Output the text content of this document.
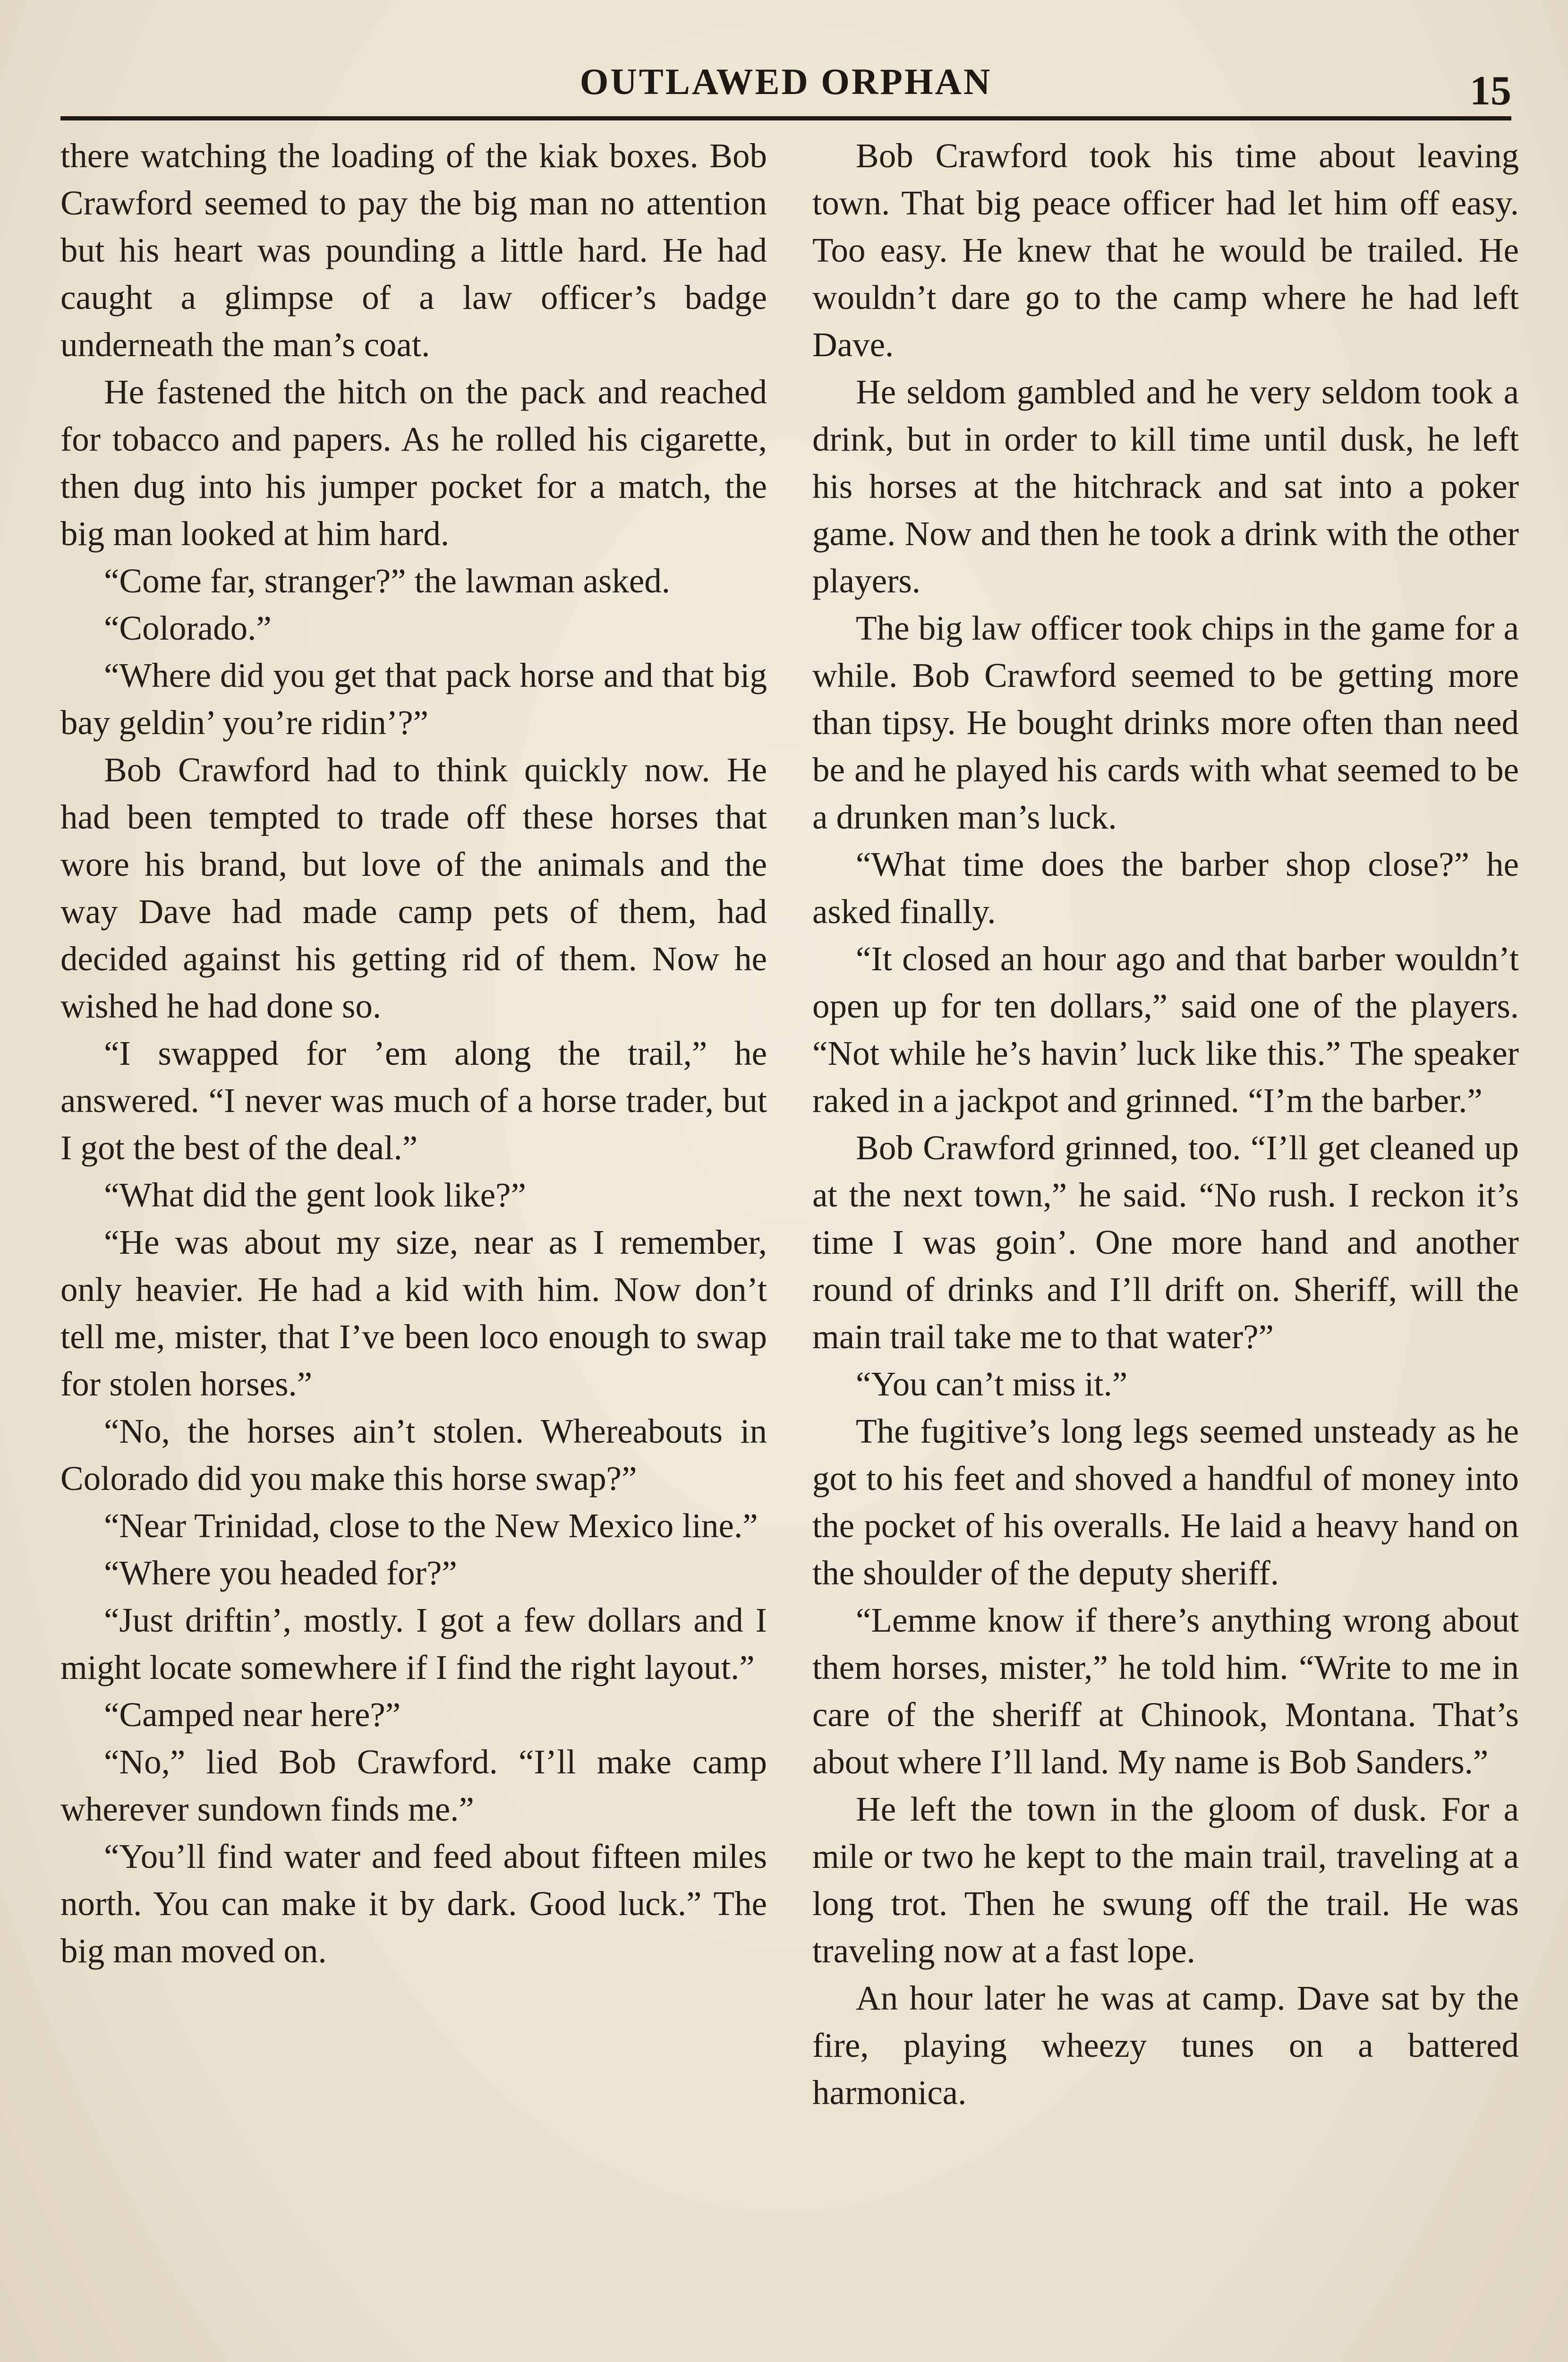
OUTLAWED ORPHAN	15

there watching the loading of the kiak boxes. Bob Crawford seemed to pay the big man no attention but his heart was pounding a little hard. He had caught a glimpse of a law officer’s badge underneath the man’s coat.

He fastened the hitch on the pack and reached for tobacco and papers. As he rolled his cigarette, then dug into his jumper pocket for a match, the big man looked at him hard.

“Come far, stranger?” the lawman asked.

“Colorado.”

“Where did you get that pack horse and that big bay geldin’ you’re ridin’?”

Bob Crawford had to think quickly now. He had been tempted to trade off these horses that wore his brand, but love of the animals and the way Dave had made camp pets of them, had decided against his getting rid of them. Now he wished he had done so.

“I swapped for ’em along the trail,” he answered. “I never was much of a horse trader, but I got the best of the deal.”

“What did the gent look like?”

“He was about my size, near as I remember, only heavier. He had a kid with him. Now don’t tell me, mister, that I’ve been loco enough to swap for stolen horses.”

“No, the horses ain’t stolen. Whereabouts in Colorado did you make this horse swap?”

“Near Trinidad, close to the New Mexico line.”

“Where you headed for?”

“Just driftin’, mostly. I got a few dollars and I might locate somewhere if I find the right layout.”

“Camped near here?”

“No,” lied Bob Crawford. “I’ll make camp wherever sundown finds me.”

“You’ll find water and feed about fifteen miles north. You can make it by dark. Good luck.” The big man moved on.

Bob Crawford took his time about leaving town. That big peace officer had let him off easy. Too easy. He knew that he would be trailed. He wouldn’t dare go to the camp where he had left Dave.

He seldom gambled and he very seldom took a drink, but in order to kill time until dusk, he left his horses at the hitchrack and sat into a poker game. Now and then he took a drink with the other players.

The big law officer took chips in the game for a while. Bob Crawford seemed to be getting more than tipsy. He bought drinks more often than need be and he played his cards with what seemed to be a drunken man’s luck.

“What time does the barber shop close?” he asked finally.

“It closed an hour ago and that barber wouldn’t open up for ten dollars,” said one of the players. “Not while he’s havin’ luck like this.” The speaker raked in a jackpot and grinned. “I’m the barber.”

Bob Crawford grinned, too. “I’ll get cleaned up at the next town,” he said. “No rush. I reckon it’s time I was goin’. One more hand and another round of drinks and I’ll drift on. Sheriff, will the main trail take me to that water?”

“You can’t miss it.”

The fugitive’s long legs seemed unsteady as he got to his feet and shoved a handful of money into the pocket of his overalls. He laid a heavy hand on the shoulder of the deputy sheriff.

“Lemme know if there’s anything wrong about them horses, mister,” he told him. “Write to me in care of the sheriff at Chinook, Montana. That’s about where I’ll land. My name is Bob Sanders.”

He left the town in the gloom of dusk. For a mile or two he kept to the main trail, traveling at a long trot. Then he swung off the trail. He was traveling now at a fast lope.

An hour later he was at camp. Dave sat by the fire, playing wheezy tunes on a battered harmonica.
